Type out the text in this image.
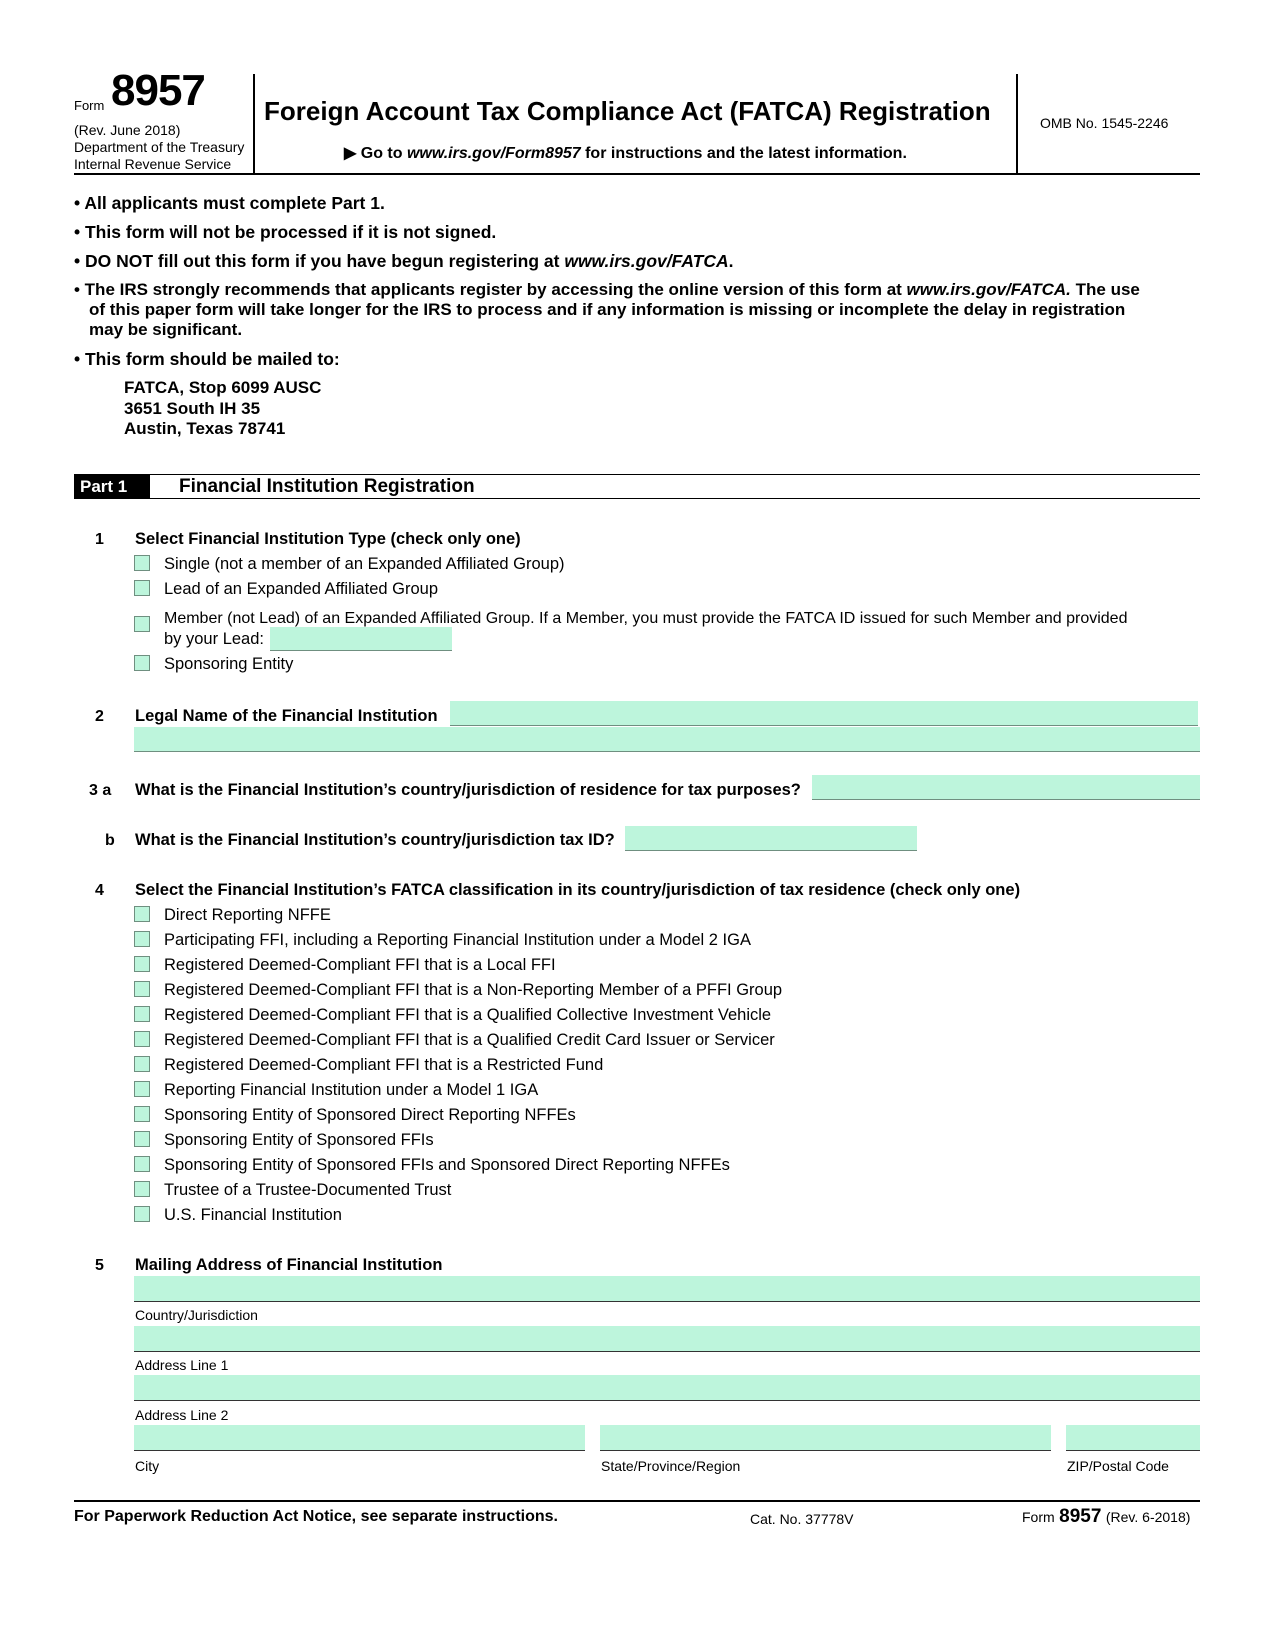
Form 8957
(Rev. June 2018)
Department of the Treasury
Internal Revenue Service
Foreign Account Tax Compliance Act (FATCA) Registration
▶ Go to www.irs.gov/Form8957 for instructions and the latest information.
OMB No. 1545-2246
• All applicants must complete Part 1.
• This form will not be processed if it is not signed.
• DO NOT fill out this form if you have begun registering at www.irs.gov/FATCA.
• The IRS strongly recommends that applicants register by accessing the online version of this form at www.irs.gov/FATCA. The use
of this paper form will take longer for the IRS to process and if any information is missing or incomplete the delay in registration
may be significant.
• This form should be mailed to:
FATCA, Stop 6099 AUSC
3651 South IH 35
Austin, Texas 78741
Part 1	Financial Institution Registration
1 Select Financial Institution Type (check only one)
Single (not a member of an Expanded Affiliated Group)
Lead of an Expanded Affiliated Group
Member (not Lead) of an Expanded Affiliated Group. If a Member, you must provide the FATCA ID issued for such Member and provided
by your Lead:
Sponsoring Entity
2 Legal Name of the Financial Institution
3 a What is the Financial Institution’s country/jurisdiction of residence for tax purposes?
b What is the Financial Institution’s country/jurisdiction tax ID?
4 Select the Financial Institution’s FATCA classification in its country/jurisdiction of tax residence (check only one)
Direct Reporting NFFE
Participating FFI, including a Reporting Financial Institution under a Model 2 IGA
Registered Deemed-Compliant FFI that is a Local FFI
Registered Deemed-Compliant FFI that is a Non-Reporting Member of a PFFI Group
Registered Deemed-Compliant FFI that is a Qualified Collective Investment Vehicle
Registered Deemed-Compliant FFI that is a Qualified Credit Card Issuer or Servicer
Registered Deemed-Compliant FFI that is a Restricted Fund
Reporting Financial Institution under a Model 1 IGA
Sponsoring Entity of Sponsored Direct Reporting NFFEs
Sponsoring Entity of Sponsored FFIs
Sponsoring Entity of Sponsored FFIs and Sponsored Direct Reporting NFFEs
Trustee of a Trustee-Documented Trust
U.S. Financial Institution
5 Mailing Address of Financial Institution
Country/Jurisdiction
Address Line 1
Address Line 2
City	State/Province/Region	ZIP/Postal Code
For Paperwork Reduction Act Notice, see separate instructions.	Cat. No. 37778V	Form 8957 (Rev. 6-2018)
